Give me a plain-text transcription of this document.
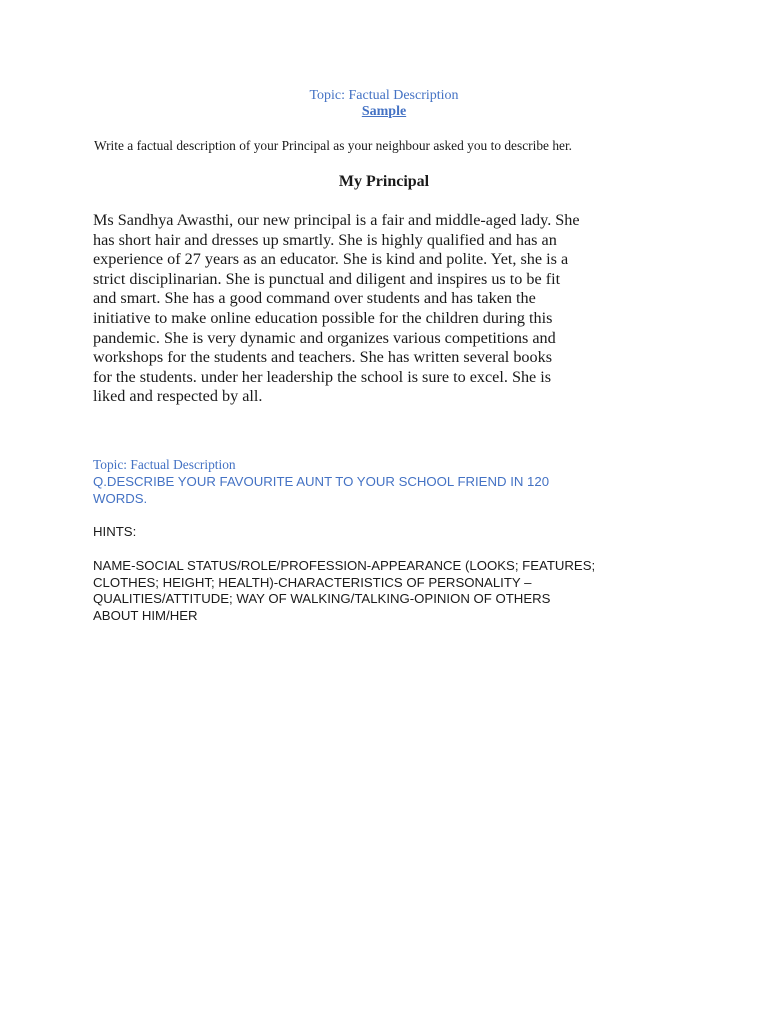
Topic: Factual Description
Sample
Write a factual description of your Principal as your neighbour asked you to describe her.
My Principal
Ms Sandhya Awasthi, our new principal is a fair and middle-aged lady. She
has short hair and dresses up smartly. She is highly qualified and has an
experience of 27 years as an educator. She is kind and polite. Yet, she is a
strict disciplinarian. She is punctual and diligent and inspires us to be fit
and smart. She has a good command over students and has taken the
initiative to make online education possible for the children during this
pandemic. She is very dynamic and organizes various competitions and
workshops for the students and teachers. She has written several books
for the students. under her leadership the school is sure to excel. She is
liked and respected by all.
Topic: Factual Description
Q.DESCRIBE YOUR FAVOURITE AUNT TO YOUR SCHOOL FRIEND IN 120
WORDS.
HINTS:
NAME-SOCIAL STATUS/ROLE/PROFESSION-APPEARANCE (LOOKS; FEATURES;
CLOTHES; HEIGHT; HEALTH)-CHARACTERISTICS OF PERSONALITY –
QUALITIES/ATTITUDE; WAY OF WALKING/TALKING-OPINION OF OTHERS
ABOUT HIM/HER
